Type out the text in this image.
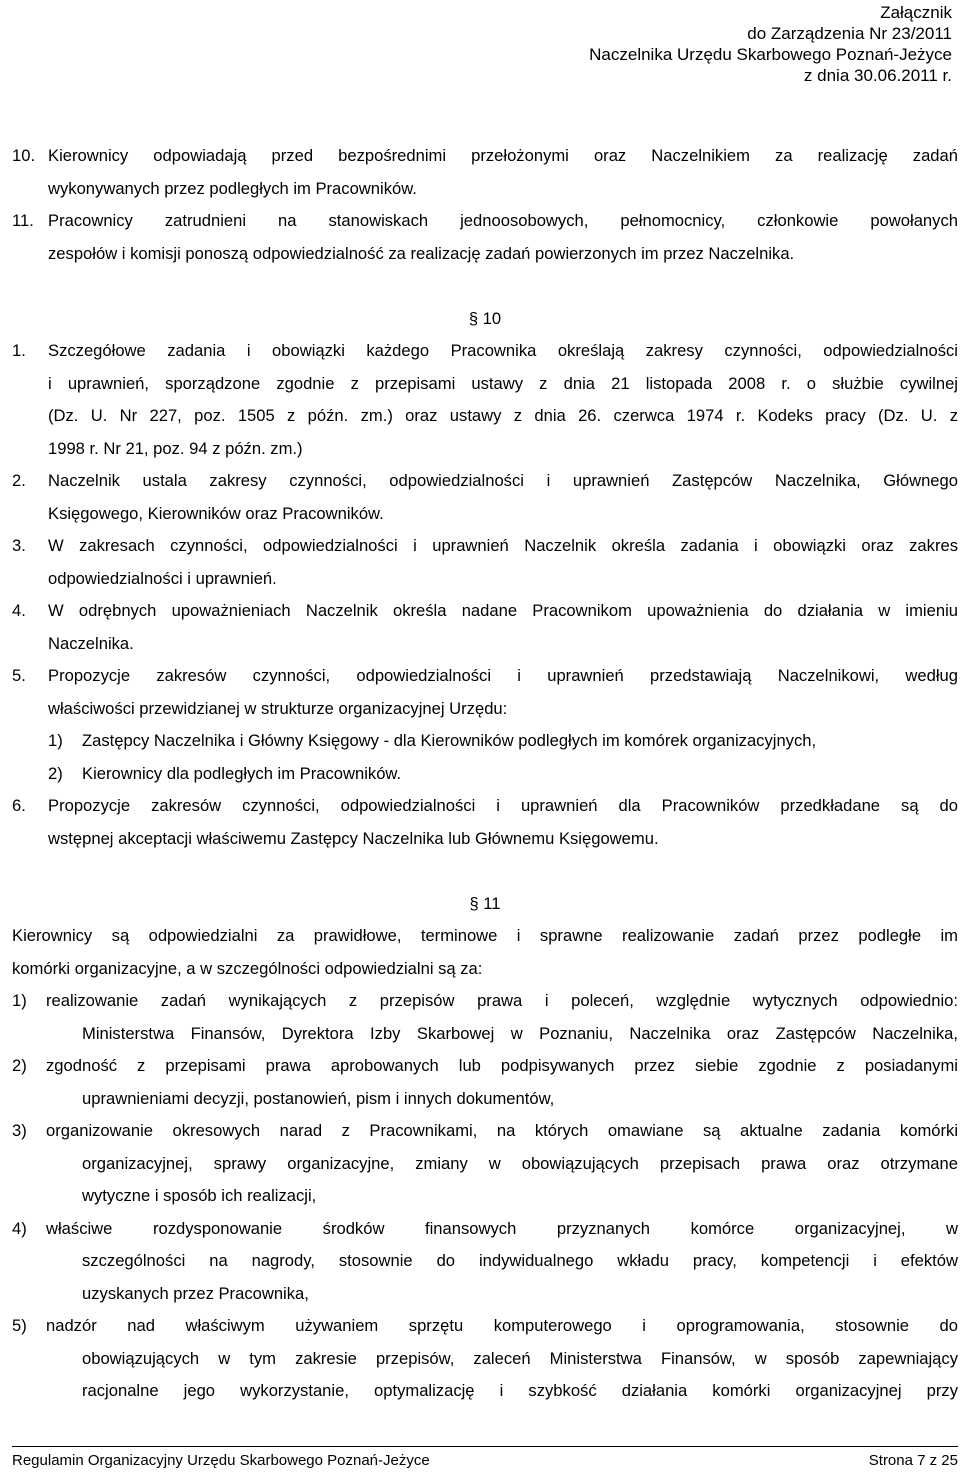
Załącznik
do Zarządzenia Nr 23/2011
Naczelnika Urzędu Skarbowego Poznań-Jeżyce
z dnia 30.06.2011 r.
10. Kierownicy odpowiadają przed bezpośrednimi przełożonymi oraz Naczelnikiem za realizację zadań
wykonywanych przez podległych im Pracowników.
11. Pracownicy zatrudnieni na stanowiskach jednoosobowych, pełnomocnicy, członkowie powołanych
zespołów i komisji ponoszą odpowiedzialność za realizację zadań powierzonych im przez Naczelnika.
§ 10
1. Szczegółowe zadania i obowiązki każdego Pracownika określają zakresy czynności, odpowiedzialności
i uprawnień, sporządzone zgodnie z przepisami ustawy z dnia 21 listopada 2008 r. o służbie cywilnej
(Dz. U. Nr 227, poz. 1505 z późn. zm.) oraz ustawy z dnia 26. czerwca 1974 r. Kodeks pracy (Dz. U. z
1998 r. Nr 21, poz. 94 z późn. zm.)
2. Naczelnik ustala zakresy czynności, odpowiedzialności i uprawnień Zastępców Naczelnika, Głównego
Księgowego, Kierowników oraz Pracowników.
3. W zakresach czynności, odpowiedzialności i uprawnień Naczelnik określa zadania i obowiązki oraz zakres
odpowiedzialności i uprawnień.
4. W odrębnych upoważnieniach Naczelnik określa nadane Pracownikom upoważnienia do działania w imieniu
Naczelnika.
5. Propozycje zakresów czynności, odpowiedzialności i uprawnień przedstawiają Naczelnikowi, według
właściwości przewidzianej w strukturze organizacyjnej Urzędu:
1) Zastępcy Naczelnika i Główny Księgowy - dla Kierowników podległych im komórek organizacyjnych,
2) Kierownicy dla podległych im Pracowników.
6. Propozycje zakresów czynności, odpowiedzialności i uprawnień dla Pracowników przedkładane są do
wstępnej akceptacji właściwemu Zastępcy Naczelnika lub Głównemu Księgowemu.
§ 11
Kierownicy są odpowiedzialni za prawidłowe, terminowe i sprawne realizowanie zadań przez podległe im
komórki organizacyjne, a w szczególności odpowiedzialni są za:
1) realizowanie zadań wynikających z przepisów prawa i poleceń, względnie wytycznych odpowiednio:
Ministerstwa Finansów, Dyrektora Izby Skarbowej w Poznaniu, Naczelnika oraz Zastępców Naczelnika,
2) zgodność z przepisami prawa aprobowanych lub podpisywanych przez siebie zgodnie z posiadanymi
uprawnieniami decyzji, postanowień, pism i innych dokumentów,
3) organizowanie okresowych narad z Pracownikami, na których omawiane są aktualne zadania komórki
organizacyjnej, sprawy organizacyjne, zmiany w obowiązujących przepisach prawa oraz otrzymane
wytyczne i sposób ich realizacji,
4) właściwe rozdysponowanie środków finansowych przyznanych komórce organizacyjnej, w
szczególności na nagrody, stosownie do indywidualnego wkładu pracy, kompetencji i efektów
uzyskanych przez Pracownika,
5) nadzór nad właściwym używaniem sprzętu komputerowego i oprogramowania, stosownie do
obowiązujących w tym zakresie przepisów, zaleceń Ministerstwa Finansów, w sposób zapewniający
racjonalne jego wykorzystanie, optymalizację i szybkość działania komórki organizacyjnej przy
Regulamin Organizacyjny Urzędu Skarbowego Poznań-Jeżyce	Strona 7 z 25
